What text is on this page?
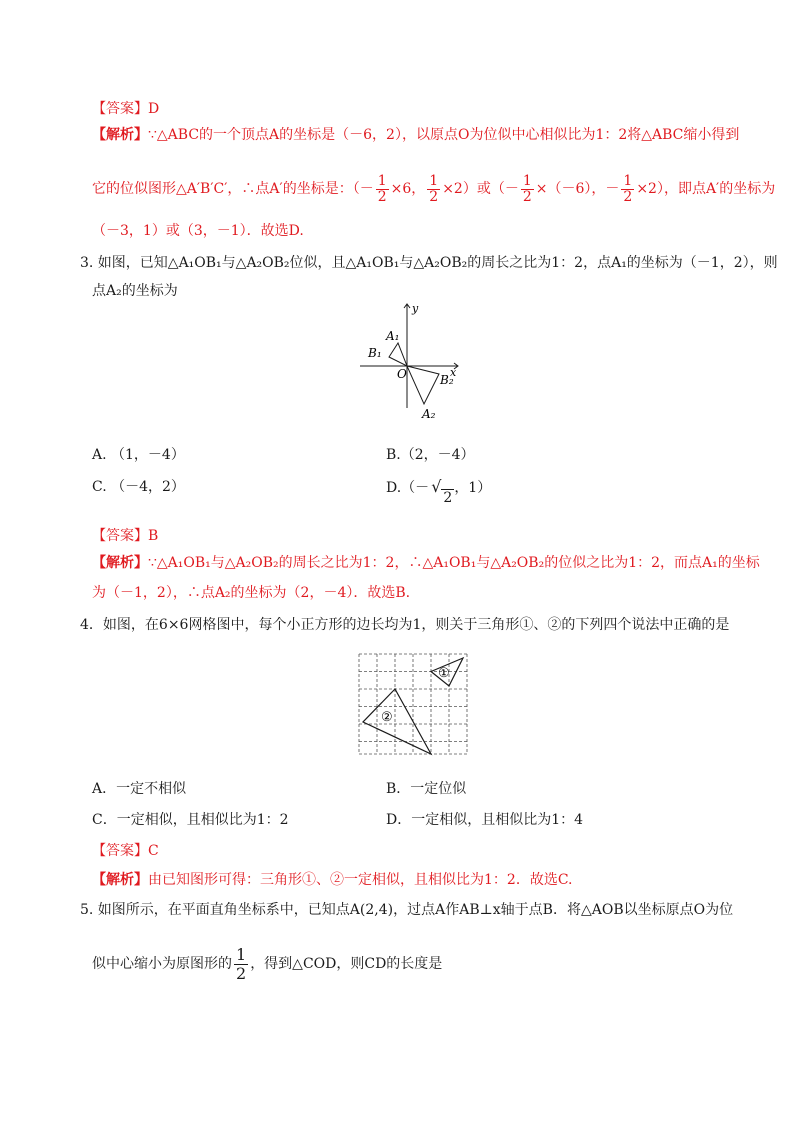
【答案】D
【解析】∵△ABC的一个顶点A的坐标是（－6，2），以原点O为位似中心相似比为1：2将△ABC缩小得到
它的位似图形△A′B′C′，∴点A′的坐标是：（－ $\frac{1}{2} \times 6$， $\frac{1}{2} \times 2$）或（－ $\frac{1}{2} \times(-6)$，－ $\frac{1}{2} \times 2$），即点A′的坐标为
（－3，1）或（3，－1）．故选D.
3. 如图，已知△A₁OB₁与△A₂OB₂位似，且△A₁OB₁与△A₂OB₂的周长之比为1：2，点A₁的坐标为（－1，2），则
点A₂的坐标为
y
x
A₁
B₁
O	B₂
A₂
A. （1，－4）	B.（2，－4）
C. （－4，2）	D.（－ √2，1）
【答案】B
【解析】∵△A₁OB₁与△A₂OB₂的周长之比为1：2，∴△A₁OB₁与△A₂OB₂的位似之比为1：2，而点A₁的坐标
为（－1，2），∴点A₂的坐标为（2，－4）．故选B.
4．如图，在6×6网格图中，每个小正方形的边长均为1，则关于三角形①、②的下列四个说法中正确的是
①
②
A．一定不相似	B．一定位似
C．一定相似，且相似比为1：2	D．一定相似，且相似比为1：4
【答案】C
【解析】由已知图形可得：三角形①、②一定相似，且相似比为1：2．故选C.
5. 如图所示，在平面直角坐标系中，已知点A(2,4)，过点A作AB⊥x轴于点B．将△AOB以坐标原点O为位
似中心缩小为原图形的 $\frac{1}{2}$ ，得到△COD，则CD的长度是
